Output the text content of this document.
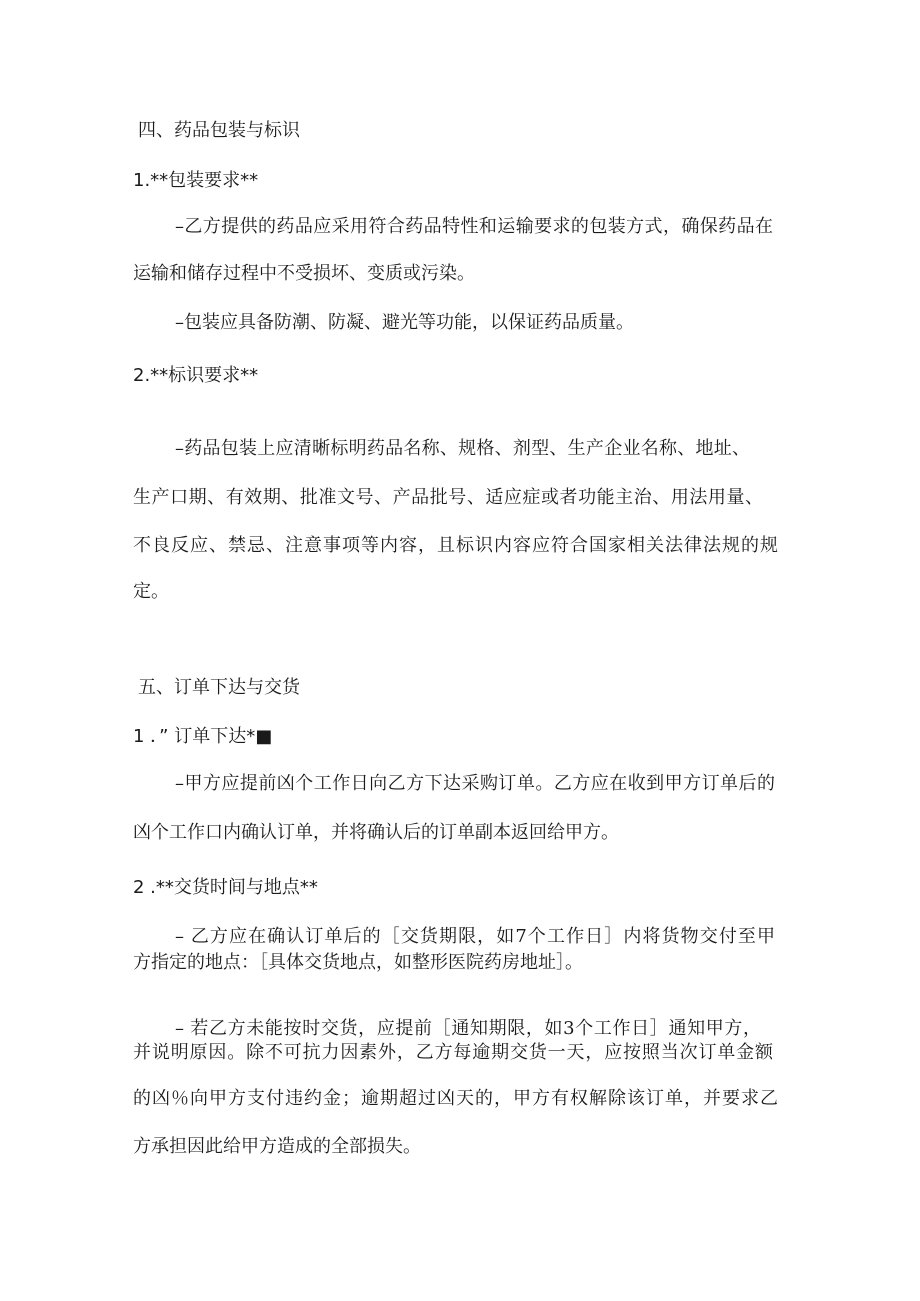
四、药品包装与标识
1.**包装要求**
–乙方提供的药品应采用符合药品特性和运输要求的包装方式，确保药品在
运输和储存过程中不受损坏、变质或污染。
–包装应具备防潮、防凝、避光等功能，以保证药品质量。
2.**标识要求**
–药品包装上应清晰标明药品名称、规格、剂型、生产企业名称、地址、
生产口期、有效期、批准文号、产品批号、适应症或者功能主治、用法用量、
不良反应、禁忌、注意事项等内容，且标识内容应符合国家相关法律法规的规
定。
五、订单下达与交货
1 ．” 订单下达*■
–甲方应提前凶个工作日向乙方下达采购订单。乙方应在收到甲方订单后的
凶个工作口内确认订单，并将确认后的订单副本返回给甲方。
2 .**交货时间与地点**
– 乙方应在确认订单后的［交货期限，如7个工作日］内将货物交付至甲
方指定的地点：［具体交货地点，如整形医院药房地址］。
– 若乙方未能按时交货，应提前［通知期限，如3个工作日］通知甲方，
并说明原因。除不可抗力因素外，乙方每逾期交货一天，应按照当次订单金额
的凶％向甲方支付违约金；逾期超过凶天的，甲方有权解除该订单，并要求乙
方承担因此给甲方造成的全部损失。
